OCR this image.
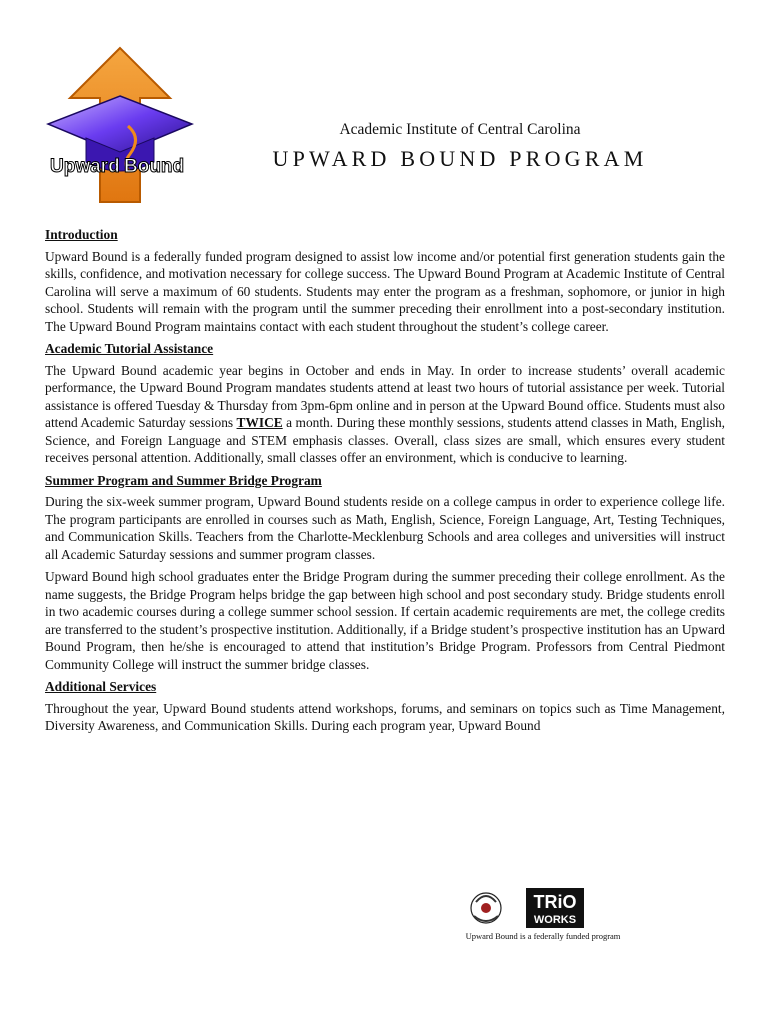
Upward Bound
Academic Institute of Central Carolina
UPWARD BOUND PROGRAM
Introduction

Upward Bound is a federally funded program designed to assist low income and/or potential first generation students gain the skills, confidence, and motivation necessary for college success. The Upward Bound Program at Academic Institute of Central Carolina will serve a maximum of 60 students. Students may enter the program as a freshman, sophomore, or junior in high school. Students will remain with the program until the summer preceding their enrollment into a post-secondary institution. The Upward Bound Program maintains contact with each student throughout the student’s college career.

Academic Tutorial Assistance

The Upward Bound academic year begins in October and ends in May. In order to increase students’ overall academic performance, the Upward Bound Program mandates students attend at least two hours of tutorial assistance per week. Tutorial assistance is offered Tuesday & Thursday from 3pm-6pm online and in person at the Upward Bound office. Students must also attend Academic Saturday sessions TWICE a month. During these monthly sessions, students attend classes in Math, English, Science, and Foreign Language and STEM emphasis classes. Overall, class sizes are small, which ensures every student receives personal attention. Additionally, small classes offer an environment, which is conducive to learning.

Summer Program and Summer Bridge Program

During the six-week summer program, Upward Bound students reside on a college campus in order to experience college life. The program participants are enrolled in courses such as Math, English, Science, Foreign Language, Art, Testing Techniques, and Communication Skills. Teachers from the Charlotte-Mecklenburg Schools and area colleges and universities will instruct all Academic Saturday sessions and summer program classes.

Upward Bound high school graduates enter the Bridge Program during the summer preceding their college enrollment. As the name suggests, the Bridge Program helps bridge the gap between high school and post secondary study. Bridge students enroll in two academic courses during a college summer school session. If certain academic requirements are met, the college credits are transferred to the student’s prospective institution. Additionally, if a Bridge student’s prospective institution has an Upward Bound Program, then he/she is encouraged to attend that institution’s Bridge Program. Professors from Central Piedmont Community College will instruct the summer bridge classes.

Additional Services

Throughout the year, Upward Bound students attend workshops, forums, and seminars on topics such as Time Management, Diversity Awareness, and Communication Skills. During each program year, Upward Bound

TRiO
WORKS
Upward Bound is a federally funded program
